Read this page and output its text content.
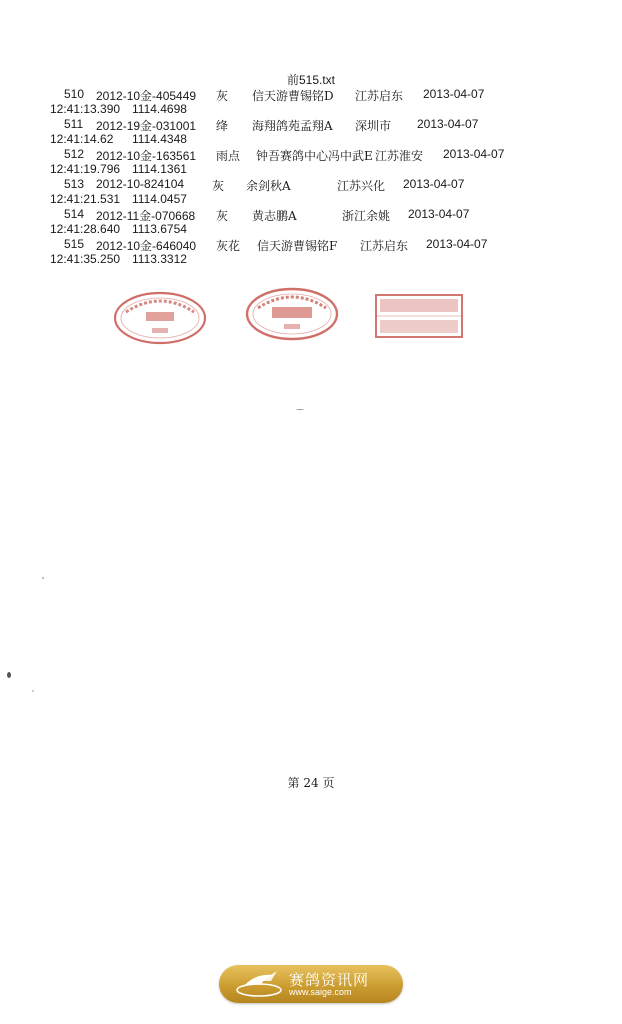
前515.txt
510 2012-10金-405449 灰 信天游曹锡铭D 江苏启东 2013-04-07
12:41:13.390 1114.4698
511 2012-19金-031001 绛 海翔鸽苑孟翔A 深圳市 2013-04-07
12:41:14.62 1114.4348
512 2012-10金-163561 雨点 钟吾赛鸽中心冯中武E 江苏淮安 2013-04-07
12:41:19.796 1114.1361
513 2012-10-824104 灰 余剑秋A	江苏兴化 2013-04-07
12:41:21.531 1114.0457
514 2012-11金-070668 灰 黄志鹏A	浙江余姚 2013-04-07
12:41:28.640 1113.6754
515 2012-10金-646040 灰花 信天游曹锡铭F 江苏启东 2013-04-07
12:41:35.250 1113.3312
第 24 页
赛鸽资讯网
www.saige.com
